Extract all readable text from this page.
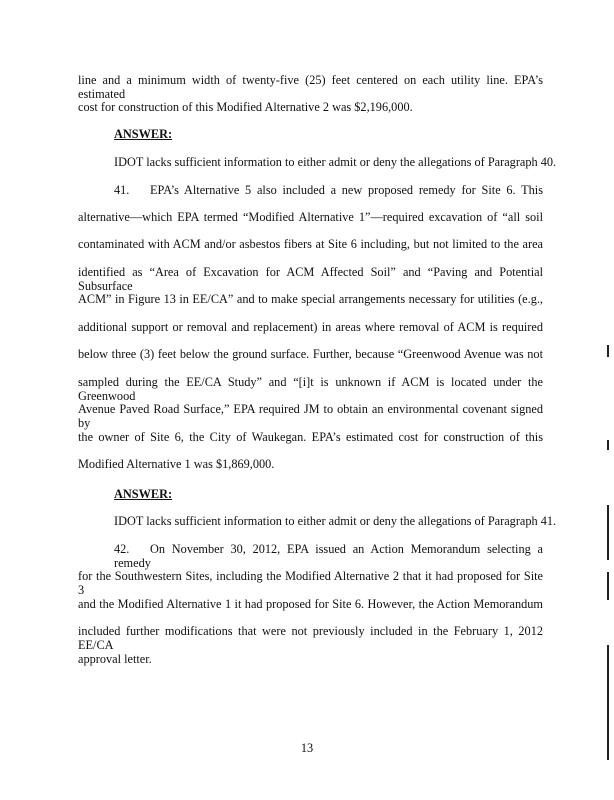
line and a minimum width of twenty-five (25) feet centered on each utility line. EPA’s estimated
cost for construction of this Modified Alternative 2 was $2,196,000.
ANSWER:
IDOT lacks sufficient information to either admit or deny the allegations of Paragraph 40.
41. EPA’s Alternative 5 also included a new proposed remedy for Site 6. This
alternative—which EPA termed “Modified Alternative 1”—required excavation of “all soil
contaminated with ACM and/or asbestos fibers at Site 6 including, but not limited to the area
identified as “Area of Excavation for ACM Affected Soil” and “Paving and Potential Subsurface
ACM” in Figure 13 in EE/CA” and to make special arrangements necessary for utilities (e.g.,
additional support or removal and replacement) in areas where removal of ACM is required
below three (3) feet below the ground surface. Further, because “Greenwood Avenue was not
sampled during the EE/CA Study” and “[i]t is unknown if ACM is located under the Greenwood
Avenue Paved Road Surface,” EPA required JM to obtain an environmental covenant signed by
the owner of Site 6, the City of Waukegan. EPA’s estimated cost for construction of this
Modified Alternative 1 was $1,869,000.
ANSWER:
IDOT lacks sufficient information to either admit or deny the allegations of Paragraph 41.
42. On November 30, 2012, EPA issued an Action Memorandum selecting a remedy
for the Southwestern Sites, including the Modified Alternative 2 that it had proposed for Site 3
and the Modified Alternative 1 it had proposed for Site 6. However, the Action Memorandum
included further modifications that were not previously included in the February 1, 2012 EE/CA
approval letter.
13
